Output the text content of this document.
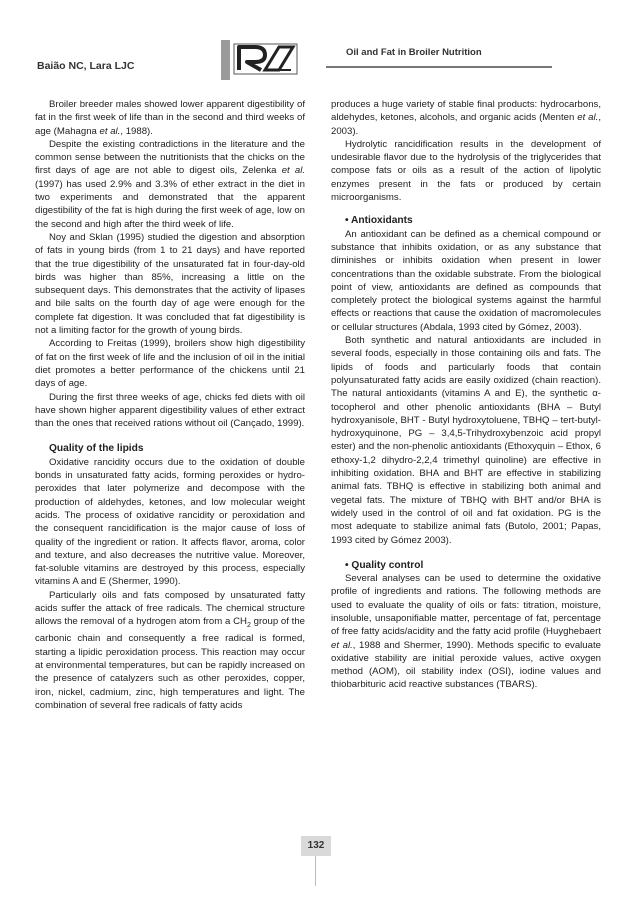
Baião NC, Lara LJC
Oil and Fat in Broiler Nutrition

Broiler breeder males showed lower apparent digestibility of fat in the first week of life than in the second and third weeks of age (Mahagna et al., 1988).

Despite the existing contradictions in the literature and the common sense between the nutritionists that the chicks on the first days of age are not able to digest oils, Zelenka et al. (1997) has used 2.9% and 3.3% of ether extract in the diet in two experiments and demonstrated that the apparent digestibility of the fat is high during the first week of age, low on the second and high after the third week of life.

Noy and Sklan (1995) studied the digestion and absorption of fats in young birds (from 1 to 21 days) and have reported that the true digestibility of the unsaturated fat in four-day-old birds was higher than 85%, increasing a little on the subsequent days. This demonstrates that the activity of lipases and bile salts on the fourth day of age were enough for the complete fat digestion. It was concluded that fat digestibility is not a limiting factor for the growth of young birds.

According to Freitas (1999), broilers show high digestibility of fat on the first week of life and the inclusion of oil in the initial diet promotes a better performance of the chickens until 21 days of age.

During the first three weeks of age, chicks fed diets with oil have shown higher apparent digestibility values of ether extract than the ones that received rations without oil (Cançado, 1999).

Quality of the lipids

Oxidative rancidity occurs due to the oxidation of double bonds in unsaturated fatty acids, forming peroxides or hydro-peroxides that later polymerize and decompose with the production of aldehydes, ketones, and low molecular weight acids. The process of oxidative rancidity or peroxidation and the consequent rancidification is the major cause of loss of quality of the ingredient or ration. It affects flavor, aroma, color and texture, and also decreases the nutritive value. Moreover, fat-soluble vitamins are destroyed by this process, especially vitamins A and E (Shermer, 1990).

Particularly oils and fats composed by unsaturated fatty acids suffer the attack of free radicals. The chemical structure allows the removal of a hydrogen atom from a $CH_2$ group of the carbonic chain and consequently a free radical is formed, starting a lipidic peroxidation process. This reaction may occur at environmental temperatures, but can be rapidly increased on the presence of catalyzers such as other peroxides, copper, iron, nickel, cadmium, zinc, high temperatures and light. The combination of several free radicals of fatty acids

produces a huge variety of stable final products: hydrocarbons, aldehydes, ketones, alcohols, and organic acids (Menten et al., 2003).

Hydrolytic rancidification results in the development of undesirable flavor due to the hydrolysis of the triglycerides that compose fats or oils as a result of the action of lipolytic enzymes present in the fats or produced by certain microorganisms.

• Antioxidants

An antioxidant can be defined as a chemical compound or substance that inhibits oxidation, or as any substance that diminishes or inhibits oxidation when present in lower concentrations than the oxidable substrate. From the biological point of view, antioxidants are defined as compounds that completely protect the biological systems against the harmful effects or reactions that cause the oxidation of macromolecules or cellular structures (Abdala, 1993 cited by Gómez, 2003).

Both synthetic and natural antioxidants are included in several foods, especially in those containing oils and fats. The lipids of foods and particularly foods that contain polyunsaturated fatty acids are easily oxidized (chain reaction). The natural antioxidants (vitamins A and E), the synthetic α-tocopherol and other phenolic antioxidants (BHA – Butyl hydroxyanisole, BHT - Butyl hydroxytoluene, TBHQ – tert-butyl-hydroxyquinone, PG – 3,4,5-Trihydroxybenzoic acid propyl ester) and the non-phenolic antioxidants (Ethoxyquin – Ethox, 6 ethoxy-1,2 dihydro-2,2,4 trimethyl quinoline) are effective in inhibiting oxidation. BHA and BHT are effective in stabilizing animal fats. TBHQ is effective in stabilizing both animal and vegetal fats. The mixture of TBHQ with BHT and/or BHA is widely used in the control of oil and fat oxidation. PG is the most adequate to stabilize animal fats (Butolo, 2001; Papas, 1993 cited by Gómez 2003).

• Quality control

Several analyses can be used to determine the oxidative profile of ingredients and rations. The following methods are used to evaluate the quality of oils or fats: titration, moisture, insoluble, unsaponifiable matter, percentage of fat, percentage of free fatty acids/acidity and the fatty acid profile (Huyghebaert et al., 1988 and Shermer, 1990). Methods specific to evaluate oxidative stability are initial peroxide values, active oxygen method (AOM), oil stability index (OSI), iodine values and thiobarbituric acid reactive substances (TBARS).

132
